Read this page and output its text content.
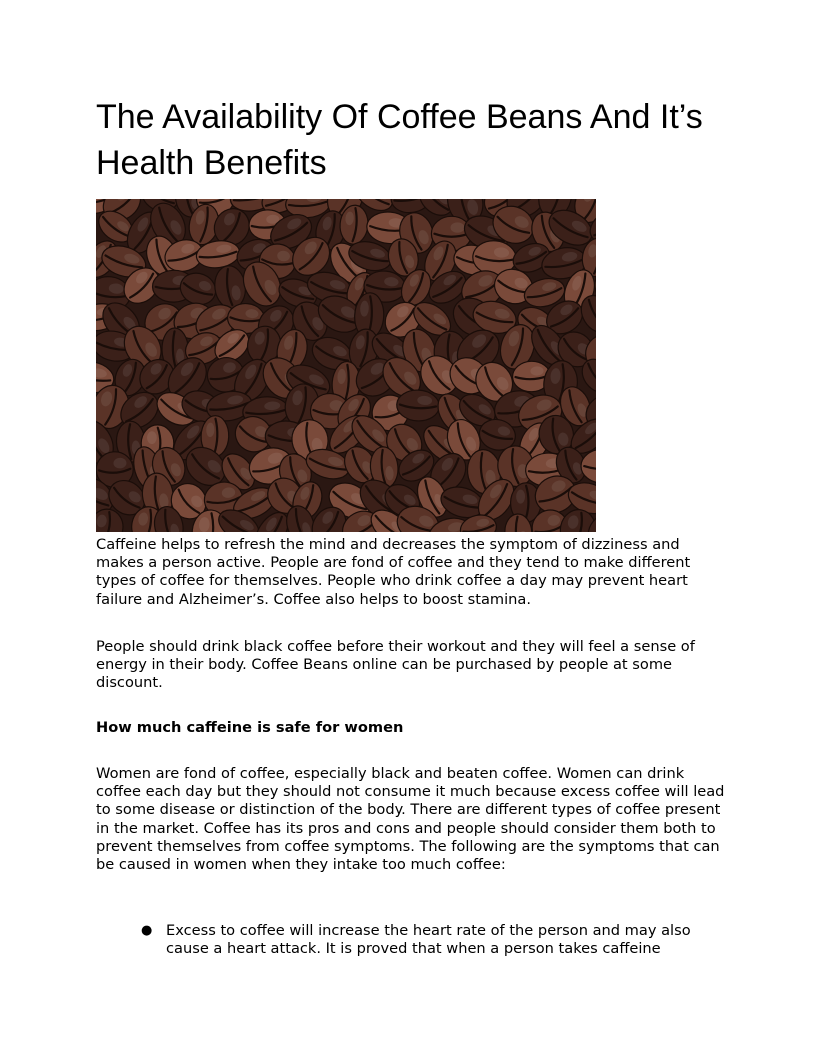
The Availability Of Coffee Beans And It’s Health Benefits

Caffeine helps to refresh the mind and decreases the symptom of dizziness and makes a person active. People are fond of coffee and they tend to make different types of coffee for themselves. People who drink coffee a day may prevent heart failure and Alzheimer’s. Coffee also helps to boost stamina.

People should drink black coffee before their workout and they will feel a sense of energy in their body. Coffee Beans online can be purchased by people at some discount.

How much caffeine is safe for women

Women are fond of coffee, especially black and beaten coffee. Women can drink coffee each day but they should not consume it much because excess coffee will lead to some disease or distinction of the body. There are different types of coffee present in the market. Coffee has its pros and cons and people should consider them both to prevent themselves from coffee symptoms. The following are the symptoms that can be caused in women when they intake too much coffee:

● Excess to coffee will increase the heart rate of the person and may also cause a heart attack. It is proved that when a person takes caffeine
